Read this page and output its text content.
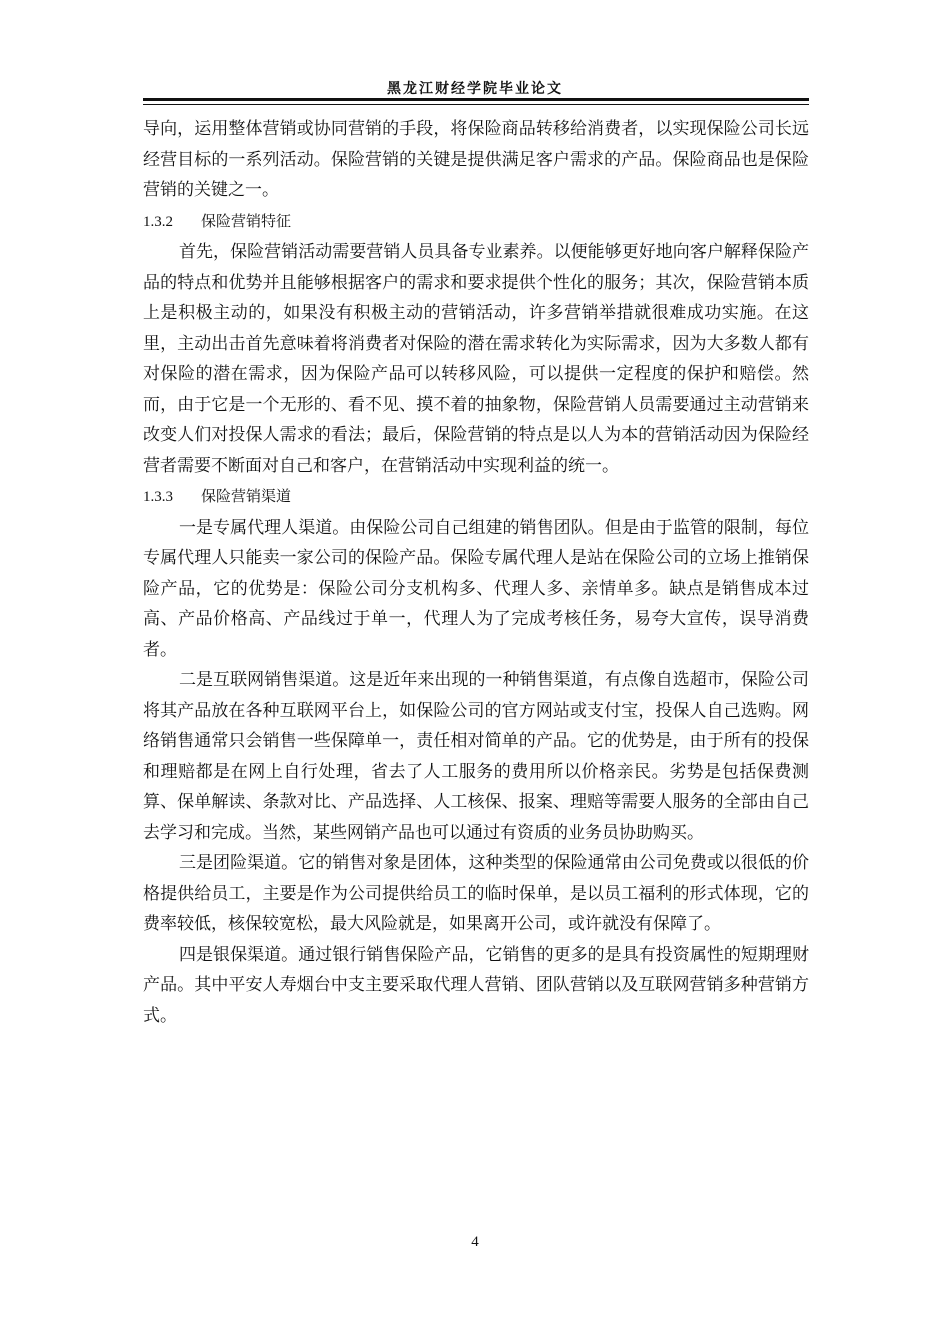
黑龙江财经学院毕业论文

导向，运用整体营销或协同营销的手段，将保险商品转移给消费者，以实现保险公司长远经营目标的一系列活动。保险营销的关键是提供满足客户需求的产品。保险商品也是保险营销的关键之一。

1.3.2 保险营销特征

首先，保险营销活动需要营销人员具备专业素养。以便能够更好地向客户解释保险产品的特点和优势并且能够根据客户的需求和要求提供个性化的服务；其次，保险营销本质上是积极主动的，如果没有积极主动的营销活动，许多营销举措就很难成功实施。在这里，主动出击首先意味着将消费者对保险的潜在需求转化为实际需求，因为大多数人都有对保险的潜在需求，因为保险产品可以转移风险，可以提供一定程度的保护和赔偿。然而，由于它是一个无形的、看不见、摸不着的抽象物，保险营销人员需要通过主动营销来改变人们对投保人需求的看法；最后，保险营销的特点是以人为本的营销活动因为保险经营者需要不断面对自己和客户，在营销活动中实现利益的统一。

1.3.3 保险营销渠道

一是专属代理人渠道。由保险公司自己组建的销售团队。但是由于监管的限制，每位专属代理人只能卖一家公司的保险产品。保险专属代理人是站在保险公司的立场上推销保险产品，它的优势是：保险公司分支机构多、代理人多、亲情单多。缺点是销售成本过高、产品价格高、产品线过于单一，代理人为了完成考核任务，易夸大宣传，误导消费者。

二是互联网销售渠道。这是近年来出现的一种销售渠道，有点像自选超市，保险公司将其产品放在各种互联网平台上，如保险公司的官方网站或支付宝，投保人自己选购。网络销售通常只会销售一些保障单一，责任相对简单的产品。它的优势是，由于所有的投保和理赔都是在网上自行处理，省去了人工服务的费用所以价格亲民。劣势是包括保费测算、保单解读、条款对比、产品选择、人工核保、报案、理赔等需要人服务的全部由自己去学习和完成。当然，某些网销产品也可以通过有资质的业务员协助购买。

三是团险渠道。它的销售对象是团体，这种类型的保险通常由公司免费或以很低的价格提供给员工，主要是作为公司提供给员工的临时保单，是以员工福利的形式体现，它的费率较低，核保较宽松，最大风险就是，如果离开公司，或许就没有保障了。

四是银保渠道。通过银行销售保险产品，它销售的更多的是具有投资属性的短期理财产品。其中平安人寿烟台中支主要采取代理人营销、团队营销以及互联网营销多种营销方式。

4
